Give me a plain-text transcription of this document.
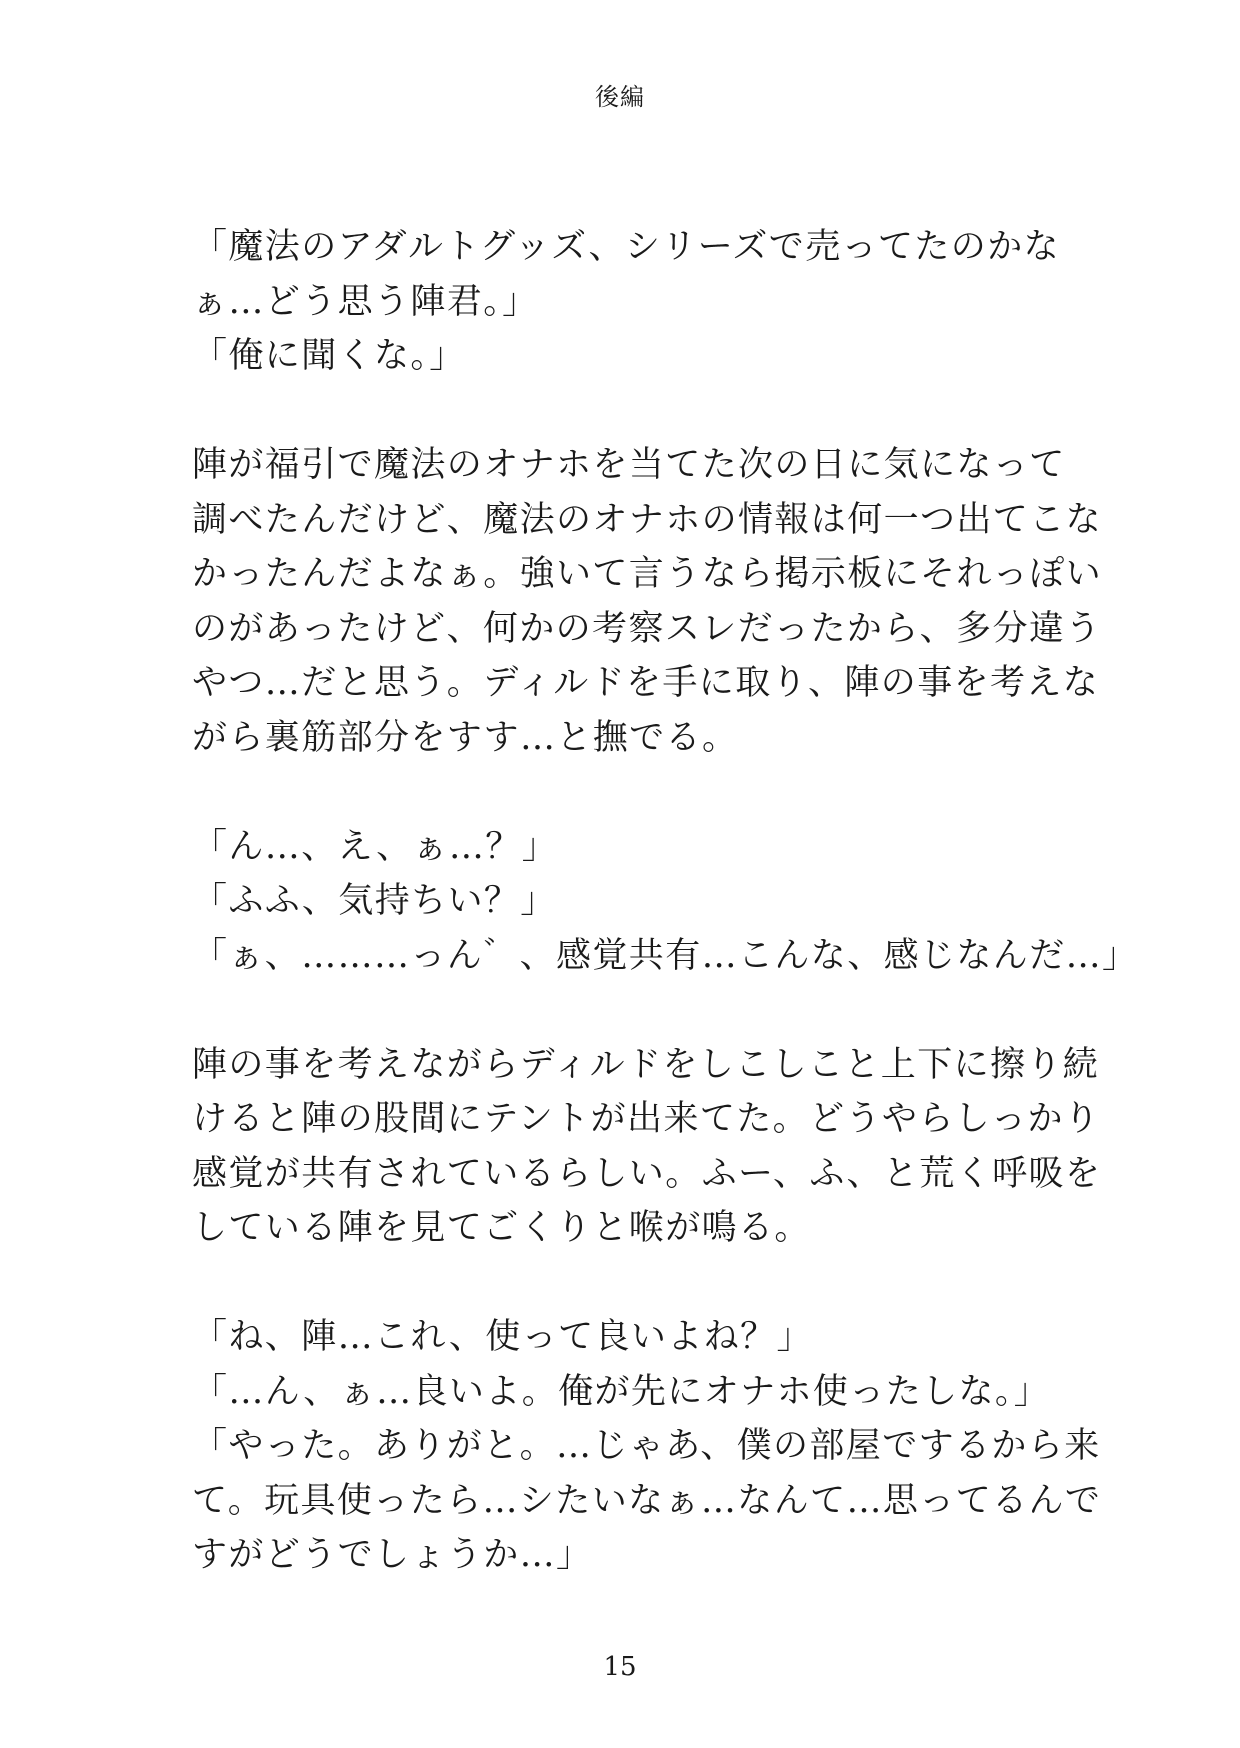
後編
「魔法のアダルトグッズ、シリーズで売ってたのかな
ぁ…どう思う陣君。」
「俺に聞くな。」
陣が福引で魔法のオナホを当てた次の日に気になって
調べたんだけど、魔法のオナホの情報は何一つ出てこな
かったんだよなぁ。強いて言うなら掲示板にそれっぽい
のがあったけど、何かの考察スレだったから、多分違う
やつ…だと思う。ディルドを手に取り、陣の事を考えな
がら裏筋部分をすす…と撫でる。
「ん…、え、ぁ…？」
「ふふ、気持ちい？」
「ぁ、………っん゛、感覚共有…こんな、感じなんだ…」
陣の事を考えながらディルドをしこしこと上下に擦り続
けると陣の股間にテントが出来てた。どうやらしっかり
感覚が共有されているらしい。ふー、ふ、と荒く呼吸を
している陣を見てごくりと喉が鳴る。
「ね、陣…これ、使って良いよね？」
「…ん、ぁ…良いよ。俺が先にオナホ使ったしな。」
「やった。ありがと。…じゃあ、僕の部屋でするから来
て。玩具使ったら…シたいなぁ…なんて…思ってるんで
すがどうでしょうか…」
15
